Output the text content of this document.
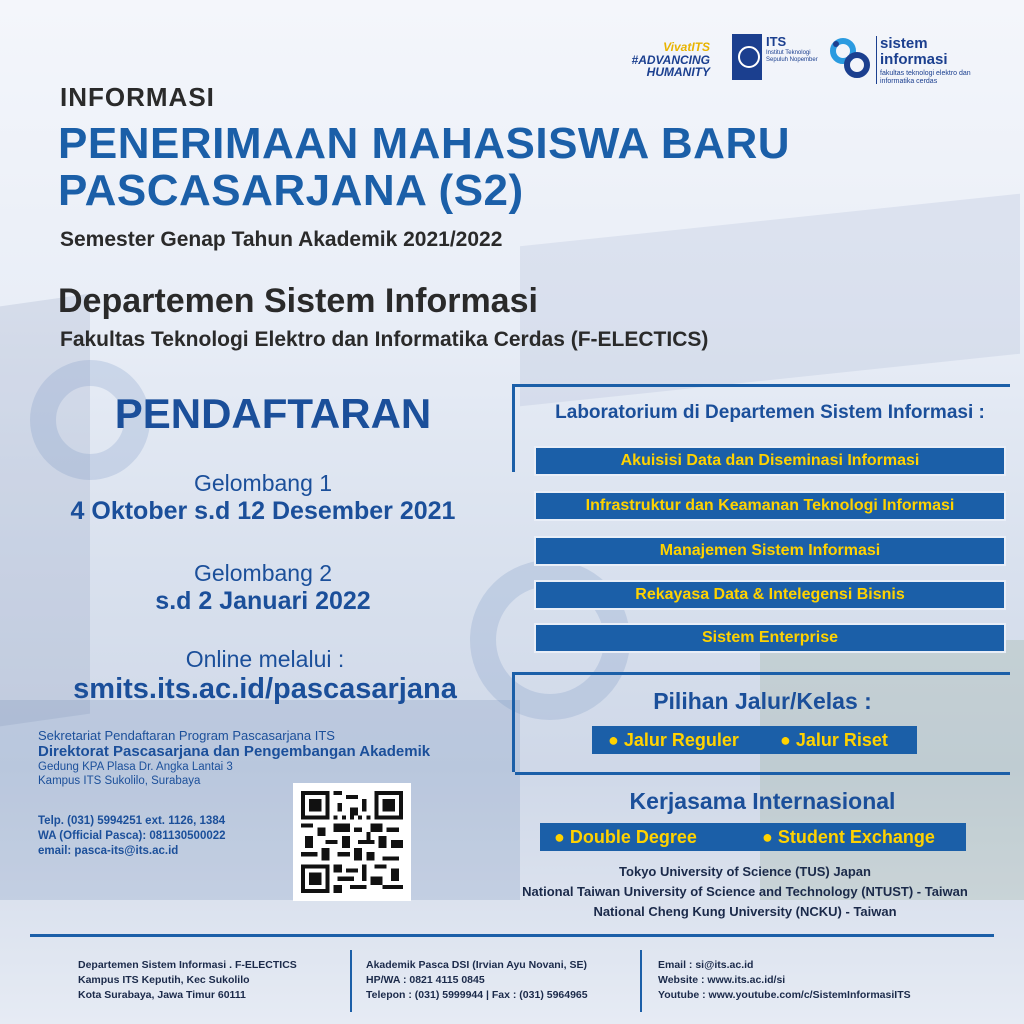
VivatITS
#ADVANCING
HUMANITY
ITS
Institut Teknologi Sepuluh Nopember
sistem
informasi
fakultas teknologi elektro dan informatika cerdas
INFORMASI
PENERIMAAN MAHASISWA BARU
PASCASARJANA (S2)
Semester Genap Tahun Akademik 2021/2022
Departemen Sistem Informasi
Fakultas Teknologi Elektro dan Informatika Cerdas (F-ELECTICS)
PENDAFTARAN
Gelombang 1
4 Oktober s.d 12 Desember 2021
Gelombang 2
s.d 2 Januari 2022
Online melalui :
smits.its.ac.id/pascasarjana
Sekretariat Pendaftaran Program Pascasarjana ITS
Direktorat Pascasarjana dan Pengembangan Akademik
Gedung KPA Plasa Dr. Angka Lantai 3
Kampus ITS Sukolilo, Surabaya
Telp. (031) 5994251 ext. 1126, 1384
WA (Official Pasca): 081130500022
email: pasca-its@its.ac.id
Laboratorium di Departemen Sistem Informasi :
Akuisisi Data dan Diseminasi Informasi
Infrastruktur dan Keamanan Teknologi Informasi
Manajemen Sistem Informasi
Rekayasa Data & Intelegensi Bisnis
Sistem Enterprise
Pilihan Jalur/Kelas :
● Jalur Reguler ● Jalur Riset
Kerjasama Internasional
● Double Degree	● Student Exchange
Tokyo University of Science (TUS) Japan
National Taiwan University of Science and Technology (NTUST) - Taiwan
National Cheng Kung University (NCKU) - Taiwan
Departemen Sistem Informasi . F-ELECTICS
Kampus ITS Keputih, Kec Sukolilo
Kota Surabaya, Jawa Timur 60111
Akademik Pasca DSI (Irvian Ayu Novani, SE)
HP/WA : 0821 4115 0845
Telepon : (031) 5999944 | Fax : (031) 5964965
Email : si@its.ac.id
Website : www.its.ac.id/si
Youtube : www.youtube.com/c/SistemInformasiITS
